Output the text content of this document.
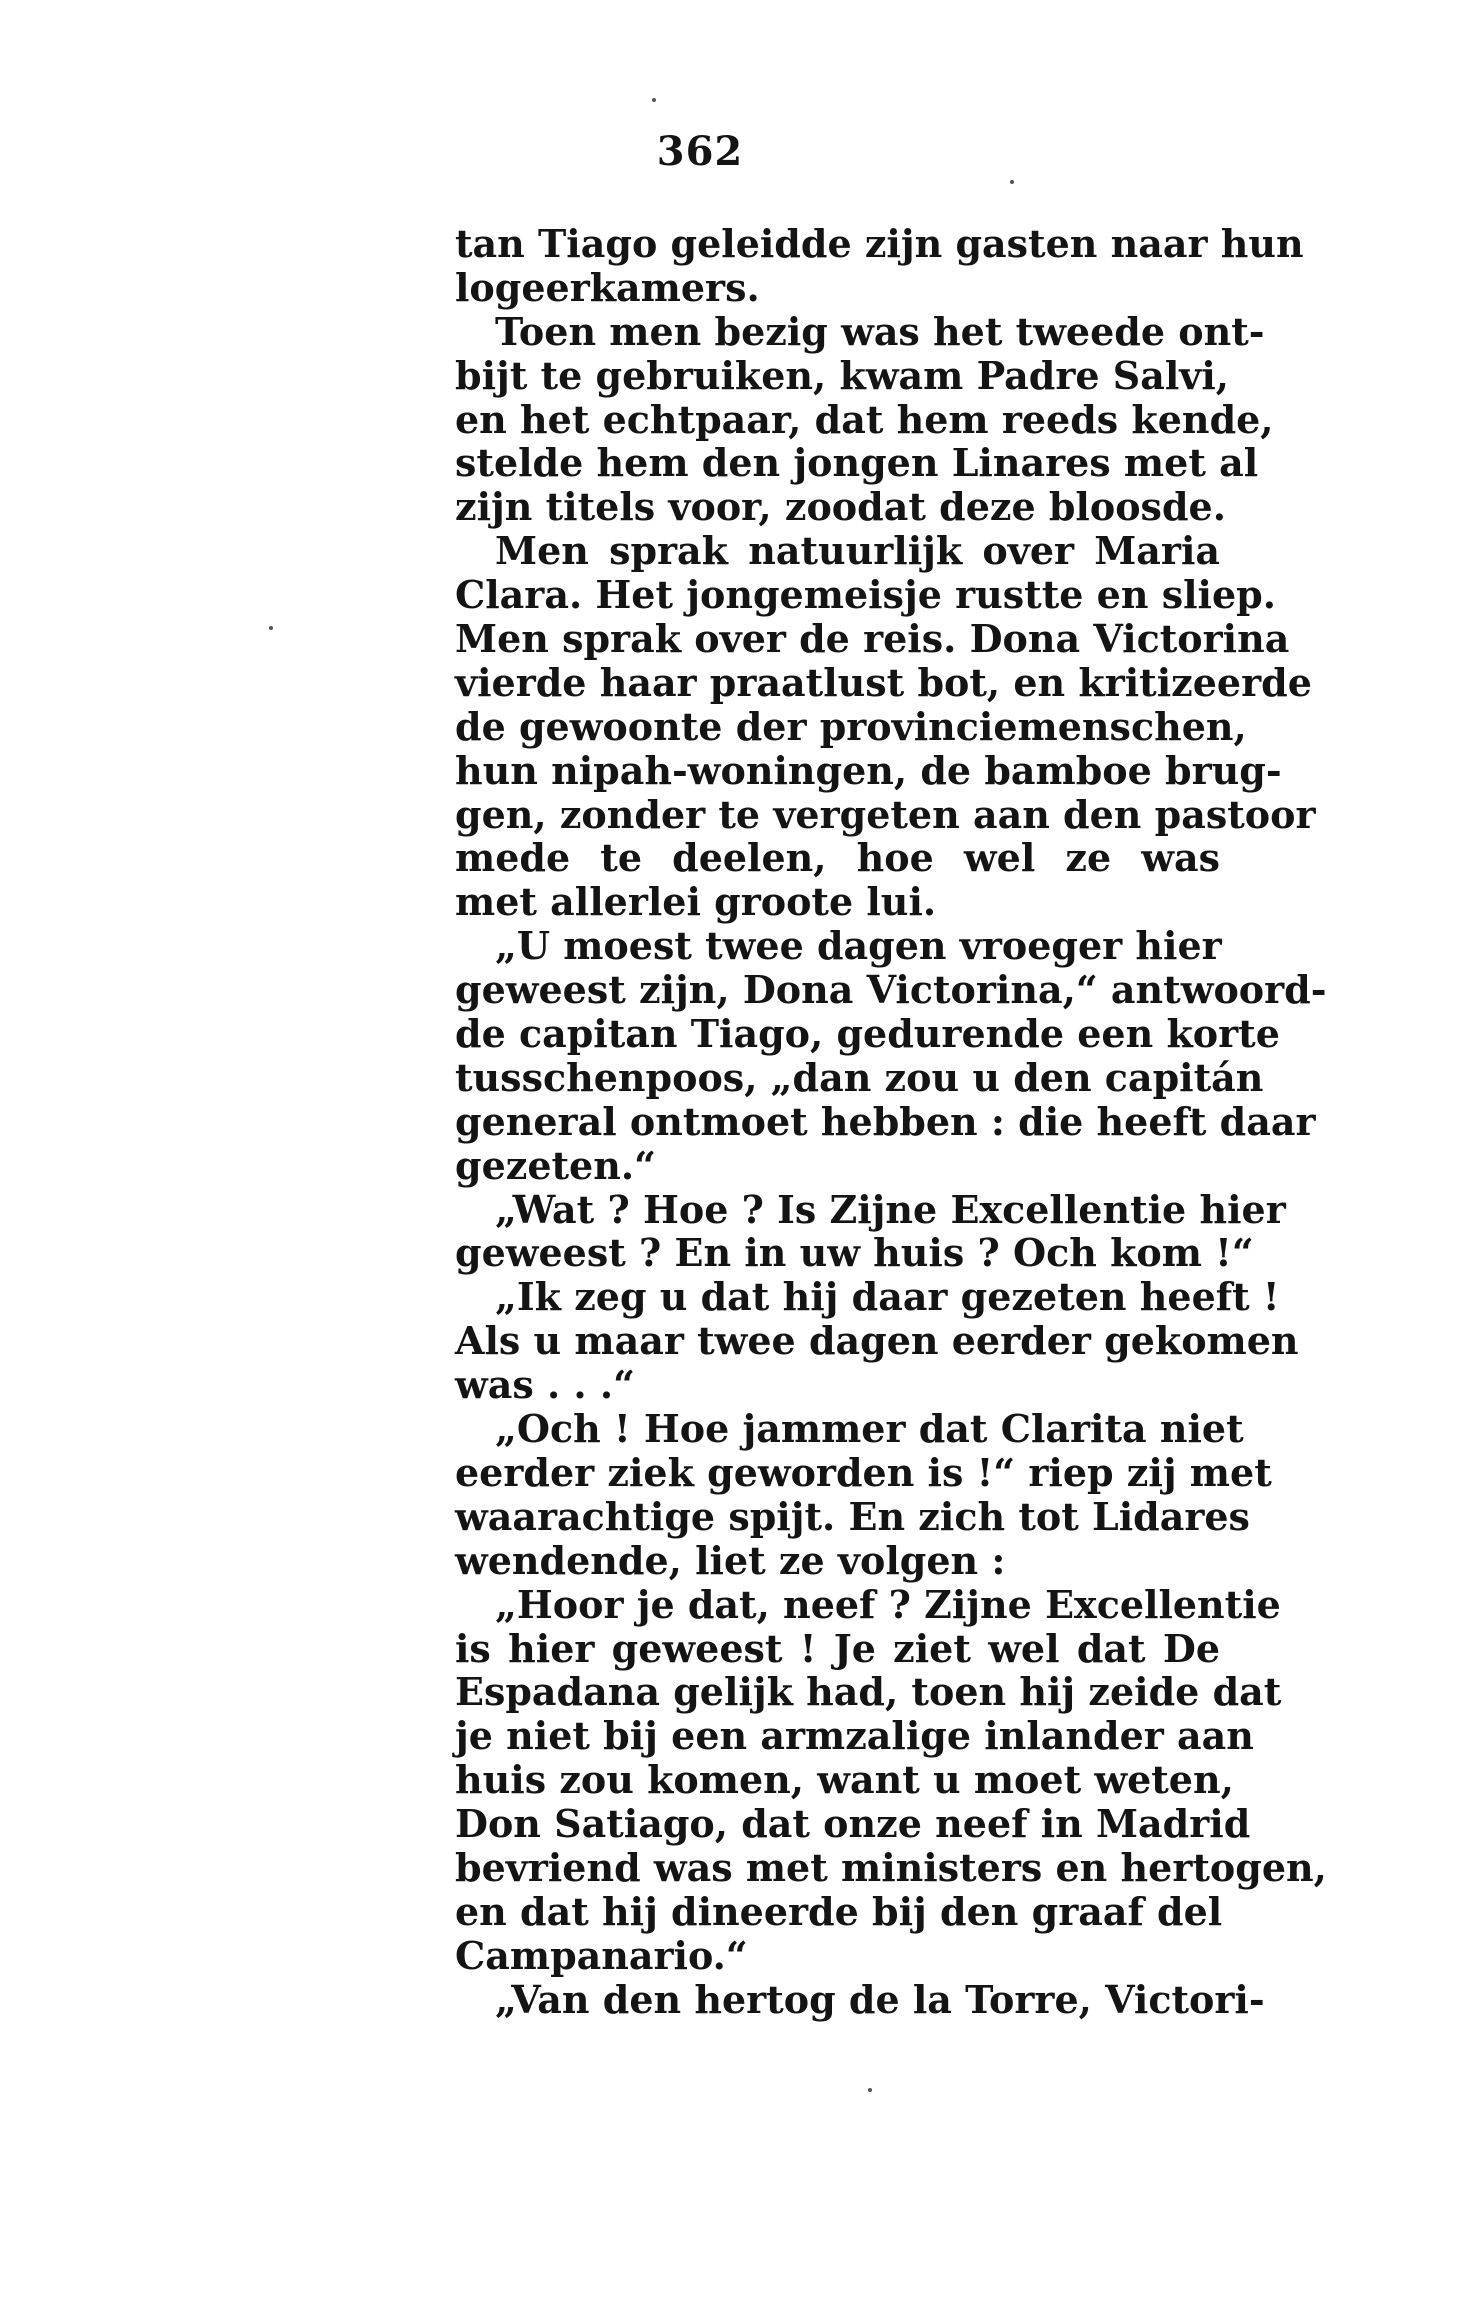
362
tan Tiago geleidde zijn gasten naar hun
logeerkamers.
Toen men bezig was het tweede ont-
bijt te gebruiken, kwam Padre Salvi,
en het echtpaar, dat hem reeds kende,
stelde hem den jongen Linares met al
zijn titels voor, zoodat deze bloosde.
Men sprak natuurlijk over Maria
Clara. Het jongemeisje rustte en sliep.
Men sprak over de reis. Dona Victorina
vierde haar praatlust bot, en kritizeerde
de gewoonte der provinciemenschen,
hun nipah-woningen, de bamboe brug-
gen, zonder te vergeten aan den pastoor
mede te deelen, hoe wel ze was
met allerlei groote lui.
„U moest twee dagen vroeger hier
geweest zijn, Dona Victorina,“ antwoord-
de capitan Tiago, gedurende een korte
tusschenpoos, „dan zou u den capitán
general ontmoet hebben : die heeft daar
gezeten.“
„Wat ? Hoe ? Is Zijne Excellentie hier
geweest ? En in uw huis ? Och kom !“
„Ik zeg u dat hij daar gezeten heeft !
Als u maar twee dagen eerder gekomen
was . . .“
„Och ! Hoe jammer dat Clarita niet
eerder ziek geworden is !“ riep zij met
waarachtige spijt. En zich tot Lidares
wendende, liet ze volgen :
„Hoor je dat, neef ? Zijne Excellentie
is hier geweest ! Je ziet wel dat De
Espadana gelijk had, toen hij zeide dat
je niet bij een armzalige inlander aan
huis zou komen, want u moet weten,
Don Satiago, dat onze neef in Madrid
bevriend was met ministers en hertogen,
en dat hij dineerde bij den graaf del
Campanario.“
„Van den hertog de la Torre, Victori-
